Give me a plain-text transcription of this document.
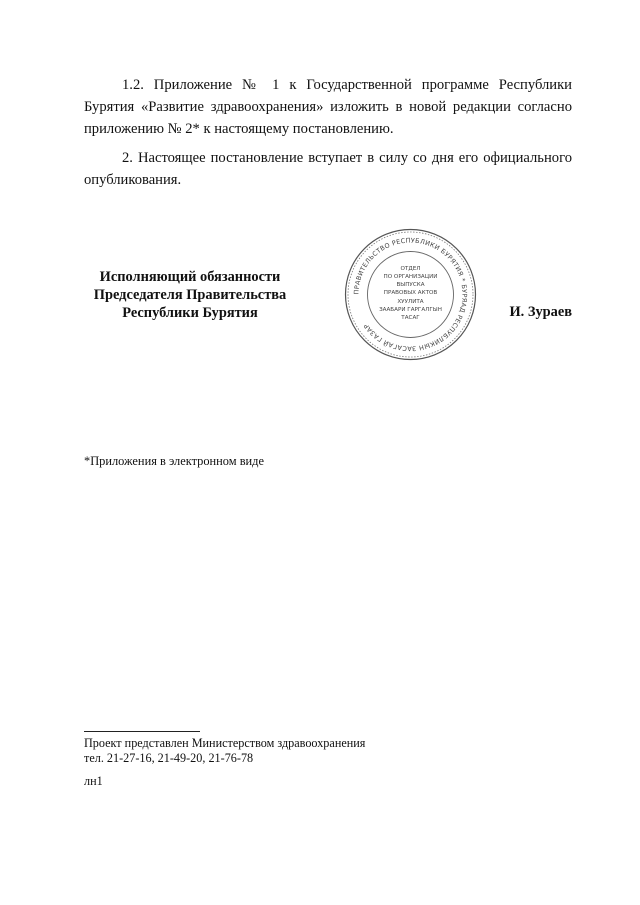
1.2. Приложение № 1 к Государственной программе Республики Бурятия «Развитие здравоохранения» изложить в новой редакции согласно приложению № 2* к настоящему постановлению.

2. Настоящее постановление вступает в силу со дня его официального опубликования.

Исполняющий обязанности
Председателя Правительства
Республики Бурятия
ПРАВИТЕЛЬСТВО РЕСПУБЛИКИ БУРЯТИЯ * БУРЯАД РЕСПУБЛИКЫН ЗАСАГАЙ ГАЗАР
ОТДЕЛ
ПО ОРГАНИЗАЦИИ
ВЫПУСКА
ПРАВОВЫХ АКТОВ
ХУУЛИТА
ЗААБАРИ ГАРГАЛГЫН
ТАСАГ	И. Зураев
*Приложения в электронном виде
Проект представлен Министерством здравоохранения
тел. 21-27-16, 21-49-20, 21-76-78
лн1
